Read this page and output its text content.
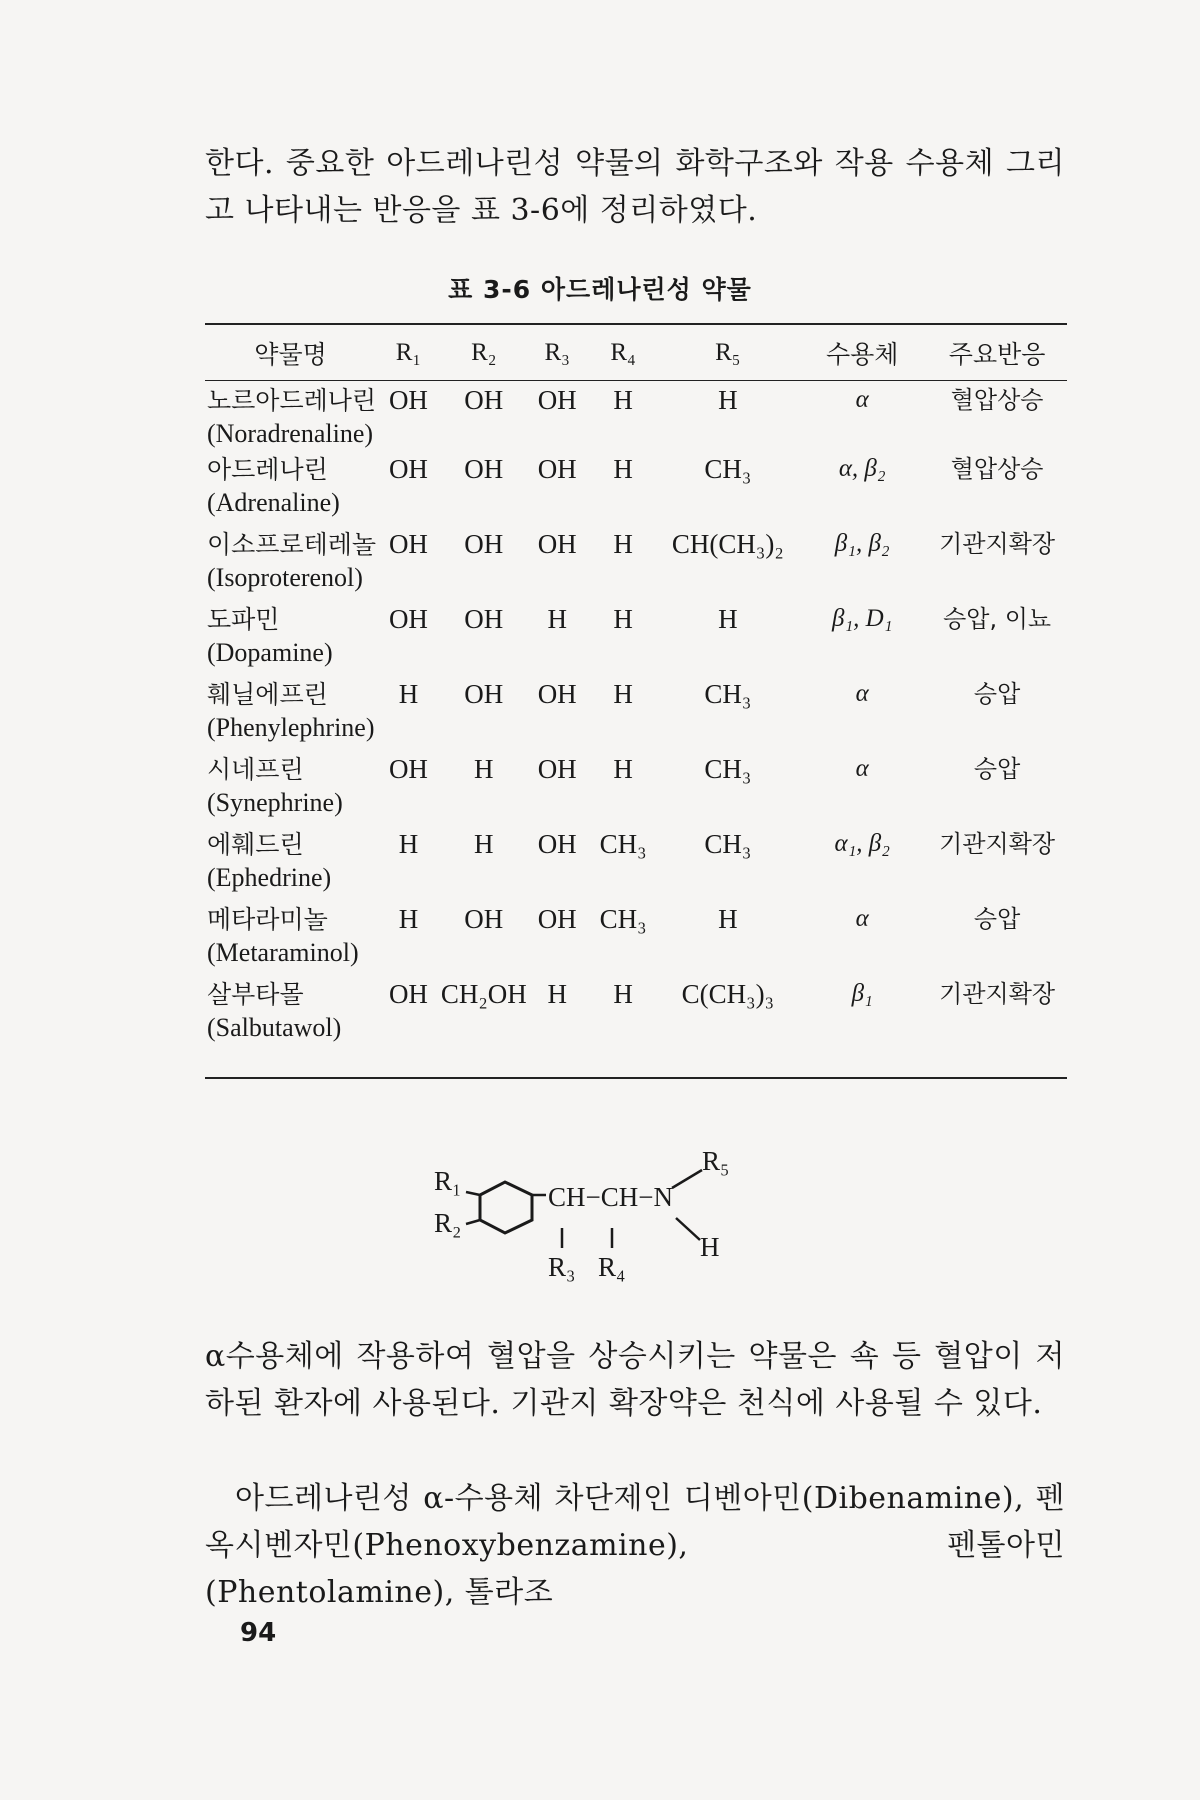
한다. 중요한 아드레나린성 약물의 화학구조와 작용 수용체 그리고 나타내는 반응을 표 3-6에 정리하였다.
표 3-6 아드레나린성 약물
약물명	R₁	R₂	R₃	R₄	R₅	수용체	주요반응
노르아드레나린
(Noradrenaline)	OH	OH	OH	H	H	α	혈압상승
아드레나린
(Adrenaline)	OH	OH	OH	H	CH₃	α, β₂	혈압상승
이소프로테레놀
(Isoproterenol)	OH	OH	OH	H	CH(CH₃)₂	β₁, β₂	기관지확장
도파민
(Dopamine)	OH	OH	H	H	H	β₁, D₁	승압, 이뇨
훼닐에프린
(Phenylephrine)	H	OH	OH	H	CH₃	α	승압
시네프린
(Synephrine)	OH	H	OH	H	CH₃	α	승압
에훼드린
(Ephedrine)	H	H	OH	CH₃	CH₃	α₁, β₂	기관지확장
메타라미놀
(Metaraminol)	H	OH	OH	CH₃	H	α	승압
살부타몰
(Salbutawol)	OH	CH₂OH	H	H	C(CH₃)₃	β₁	기관지확장
R₁
R₂
CH−CH−N
R₃ R₄
R₅
H
α수용체에 작용하여 혈압을 상승시키는 약물은 쇽 등 혈압이 저하된 환자에 사용된다. 기관지 확장약은 천식에 사용될 수 있다.
아드레나린성 α-수용체 차단제인 디벤아민(Dibenamine), 펜옥시벤자민(Phenoxybenzamine), 펜톨아민(Phentolamine), 톨라조
94
